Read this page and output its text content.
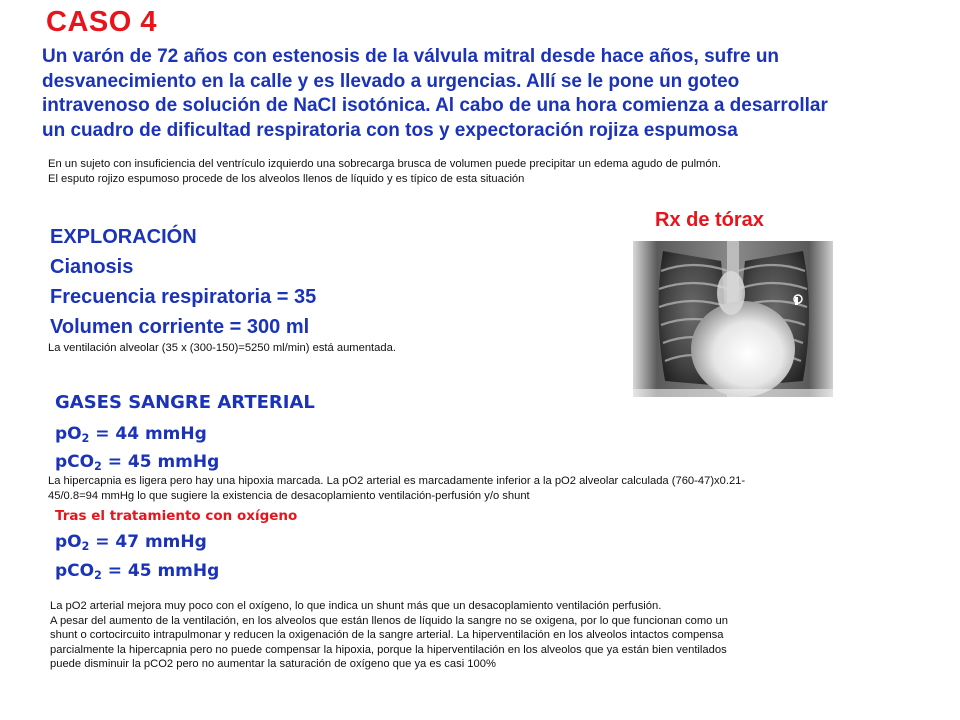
CASO 4
Un varón de 72 años con estenosis de la válvula mitral desde hace años, sufre un
desvanecimiento en la calle y es llevado a urgencias. Allí se le pone un goteo
intravenoso de solución de NaCl isotónica. Al cabo de una hora comienza a desarrollar
un cuadro de dificultad respiratoria con tos y expectoración rojiza espumosa
En un sujeto con insuficiencia del ventrículo izquierdo una sobrecarga brusca de volumen puede precipitar un edema agudo de pulmón.
El esputo rojizo espumoso procede de los alveolos llenos de líquido y es típico de esta situación
Rx de tórax
EXPLORACIÓN
Cianosis
Frecuencia respiratoria = 35
Volumen corriente = 300 ml
La ventilación alveolar (35 x (300-150)=5250 ml/min) está aumentada.
GASES SANGRE ARTERIAL
$pO_2 = 44$ mmHg
pCO$_2$ = 45 mmHg
La hipercapnia es ligera pero hay una hipoxia marcada. La pO2 arterial es marcadamente inferior a la pO2 alveolar calculada (760-47)x0.21-
45/0.8=94 mmHg lo que sugiere la existencia de desacoplamiento ventilación-perfusión y/o shunt
Tras el tratamiento con oxígeno
$pO_2 = 47$ mmHg
pCO$_2$ = 45 mmHg
La pO2 arterial mejora muy poco con el oxígeno, lo que indica un shunt más que un desacoplamiento ventilación perfusión.
A pesar del aumento de la ventilación, en los alveolos que están llenos de líquido la sangre no se oxigena, por lo que funcionan como un
shunt o cortocircuito intrapulmonar y reducen la oxigenación de la sangre arterial. La hiperventilación en los alveolos intactos compensa
parcialmente la hipercapnia pero no puede compensar la hipoxia, porque la hiperventilación en los alveolos que ya están bien ventilados
puede disminuir la pCO2 pero no aumentar la saturación de oxígeno que ya es casi 100%
